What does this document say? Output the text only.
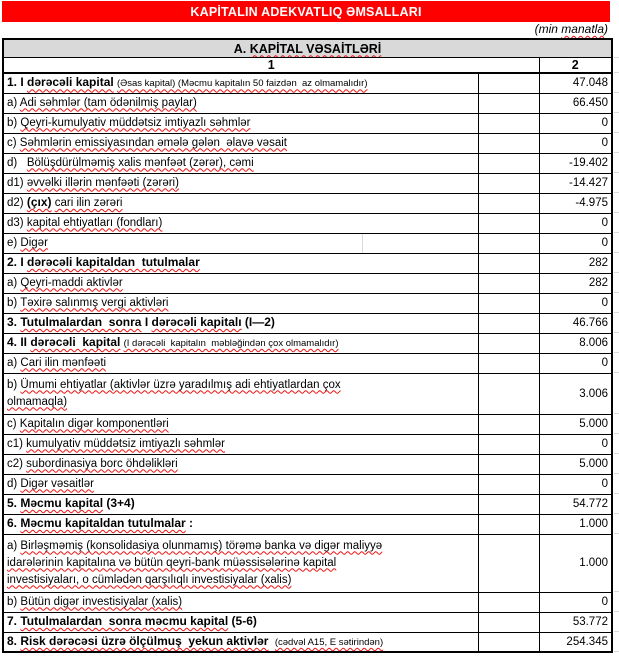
KAPİTALIN ADEKVATLIQ ƏMSALLARI
(min manatla)
A. KAPİTAL VƏSAİTLƏRİ		
1		2
1. I dərəcəli kapital (Əsas kapital) (Məcmu kapitalın 50 faizdən  az olmamalıdır)		47.048
a) Adi səhmlər (tam ödənilmiş paylar)		66.450
b) Qeyri-kumulyativ müddətsiz imtiyazlı səhmlər		0
c) Səhmlərin emissiyasından əmələ gələn  əlavə vəsait		0
d)   Bölüşdürülməmiş xalis mənfəət (zərər), cəmi		-19.402
d1) əvvəlki illərin mənfəəti (zərəri)		-14.427
d2) (çıx) cari ilin zərəri		-4.975
d3) kapital ehtiyatları (fondları)		0
e) Digər		0
2. I dərəcəli kapitaldan  tutulmalar		282
a) Qeyri-maddi aktivlər		282
b) Təxirə salınmış vergi aktivləri		0
3. Tutulmalardan  sonra I dərəcəli kapitalı (I—2)		46.766
4. II dərəcəli  kapital (I dərəcəli  kapitalın  məbləğindən çox olmamalıdır)		8.006
a) Cari ilin mənfəəti		0
b) Ümumi ehtiyatlar (aktivlər üzrə yaradılmış adi ehtiyatlardan çox
olmamaqla)		3.006
c) Kapitalın digər komponentləri		5.000
c1) kumulyativ müddətsiz imtiyazlı səhmlər		0
c2) subordinasiya borc öhdəlikləri		5.000
d) Digər vəsaitlər		0
5. Məcmu kapital (3+4)		54.772
6. Məcmu kapitaldan tutulmalar :		1.000
a) Birləşməmiş (konsolidasiya olunmamış) törəmə banka və digər maliyyə
idarələrinin kapitalına və bütün qeyri-bank müəssisələrinə kapital
investisiyaları, o cümlədən qarşılıqlı investisiyalar (xalis)		1.000
b) Bütün digər investisiyalar (xalis)		0
7. Tutulmalardan  sonra məcmu kapital (5-6)		53.772
8. Risk dərəcəsi üzrə ölçülmuş  yekun aktivlər (cədvəl A15, E sətirindən)		254.345
